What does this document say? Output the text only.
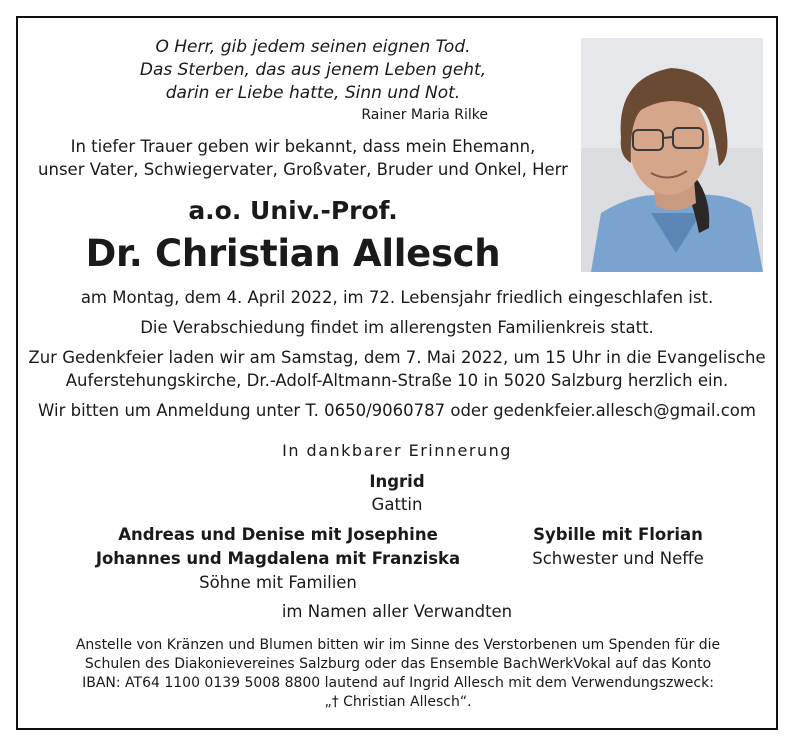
O Herr, gib jedem seinen eignen Tod.
Das Sterben, das aus jenem Leben geht,
darin er Liebe hatte, Sinn und Not.
Rainer Maria Rilke
In tiefer Trauer geben wir bekannt, dass mein Ehemann,
unser Vater, Schwiegervater, Großvater, Bruder und Onkel, Herr
a.o. Univ.-Prof.
Dr. Christian Allesch

am Montag, dem 4. April 2022, im 72. Lebensjahr friedlich eingeschlafen ist.

Die Verabschiedung findet im allerengsten Familienkreis statt.

Zur Gedenkfeier laden wir am Samstag, dem 7. Mai 2022, um 15 Uhr in die Evangelische
Auferstehungskirche, Dr.-Adolf-Altmann-Straße 10 in 5020 Salzburg herzlich ein.

Wir bitten um Anmeldung unter T. 0650/9060787 oder gedenkfeier.allesch@gmail.com

In dankbarer Erinnerung
Ingrid
Gattin
Andreas und Denise mit Josephine
Johannes und Magdalena mit Franziska
Söhne mit Familien
Sybille mit Florian
Schwester und Neffe
im Namen aller Verwandten
Anstelle von Kränzen und Blumen bitten wir im Sinne des Verstorbenen um Spenden für die
Schulen des Diakonievereines Salzburg oder das Ensemble BachWerkVokal auf das Konto
IBAN: AT64 1100 0139 5008 8800 lautend auf Ingrid Allesch mit dem Verwendungszweck:
„† Christian Allesch“.
